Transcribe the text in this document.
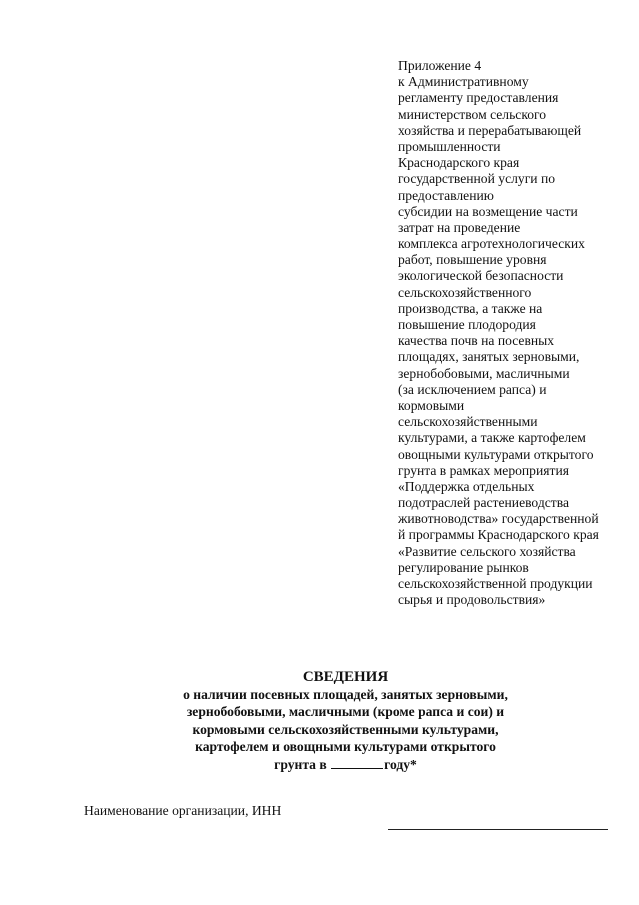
Приложение 4
к Административному
регламенту предоставления
министерством сельского
хозяйства и перерабатывающей
промышленности
Краснодарского края
государственной услуги по
предоставлению
субсидии на возмещение части
затрат на проведение
комплекса агротехнологических
работ, повышение уровня
экологической безопасности
сельскохозяйственного
производства, а также на
повышение плодородия
качества почв на посевных
площадях, занятых зерновыми,
зернобобовыми, масличными
(за исключением рапса) и
кормовыми
сельскохозяйственными
культурами, а также картофелем
овощными культурами открытого
грунта в рамках мероприятия
«Поддержка отдельных
подотраслей растениеводства
животноводства» государственной
й программы Краснодарского края
«Развитие сельского хозяйства
регулирование рынков
сельскохозяйственной продукции
сырья и продовольствия»
СВЕДЕНИЯ
о наличии посевных площадей, занятых зерновыми,
зернобобовыми, масличными (кроме рапса и сои) и
кормовыми сельскохозяйственными культурами,
картофелем и овощными культурами открытого
грунта в	году*
Наименование организации, ИНН
